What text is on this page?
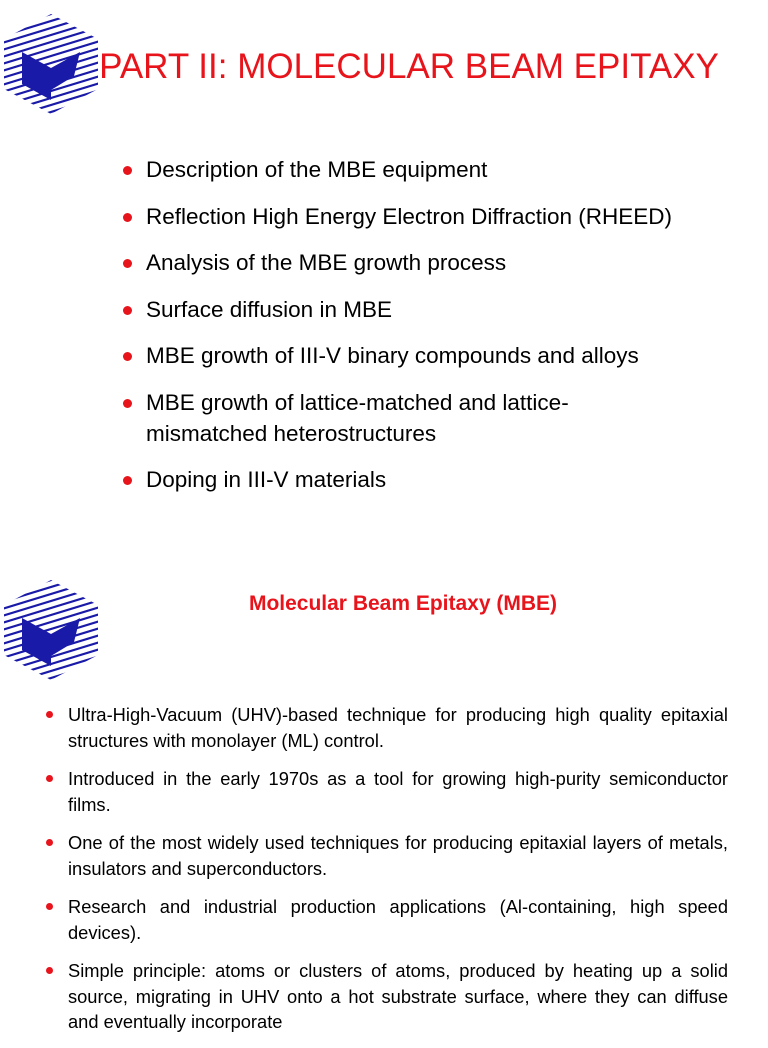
PART II: MOLECULAR BEAM EPITAXY
Description of the MBE equipment
Reflection High Energy Electron Diffraction (RHEED)
Analysis of the MBE growth process
Surface diffusion in MBE
MBE growth of III-V binary compounds and alloys
MBE growth of lattice-matched and lattice-mismatched heterostructures
Doping in III-V materials
Molecular Beam Epitaxy (MBE)
Ultra-High-Vacuum (UHV)-based technique for producing high quality epitaxial structures with monolayer (ML) control.
Introduced in the early 1970s as a tool for growing high-purity semiconductor films.
One of the most widely used techniques for producing epitaxial layers of metals, insulators and superconductors.
Research and industrial production applications (Al-containing, high speed devices).
Simple principle: atoms or clusters of atoms, produced by heating up a solid source, migrating in UHV onto a hot substrate surface, where they can diffuse and eventually incorporate
